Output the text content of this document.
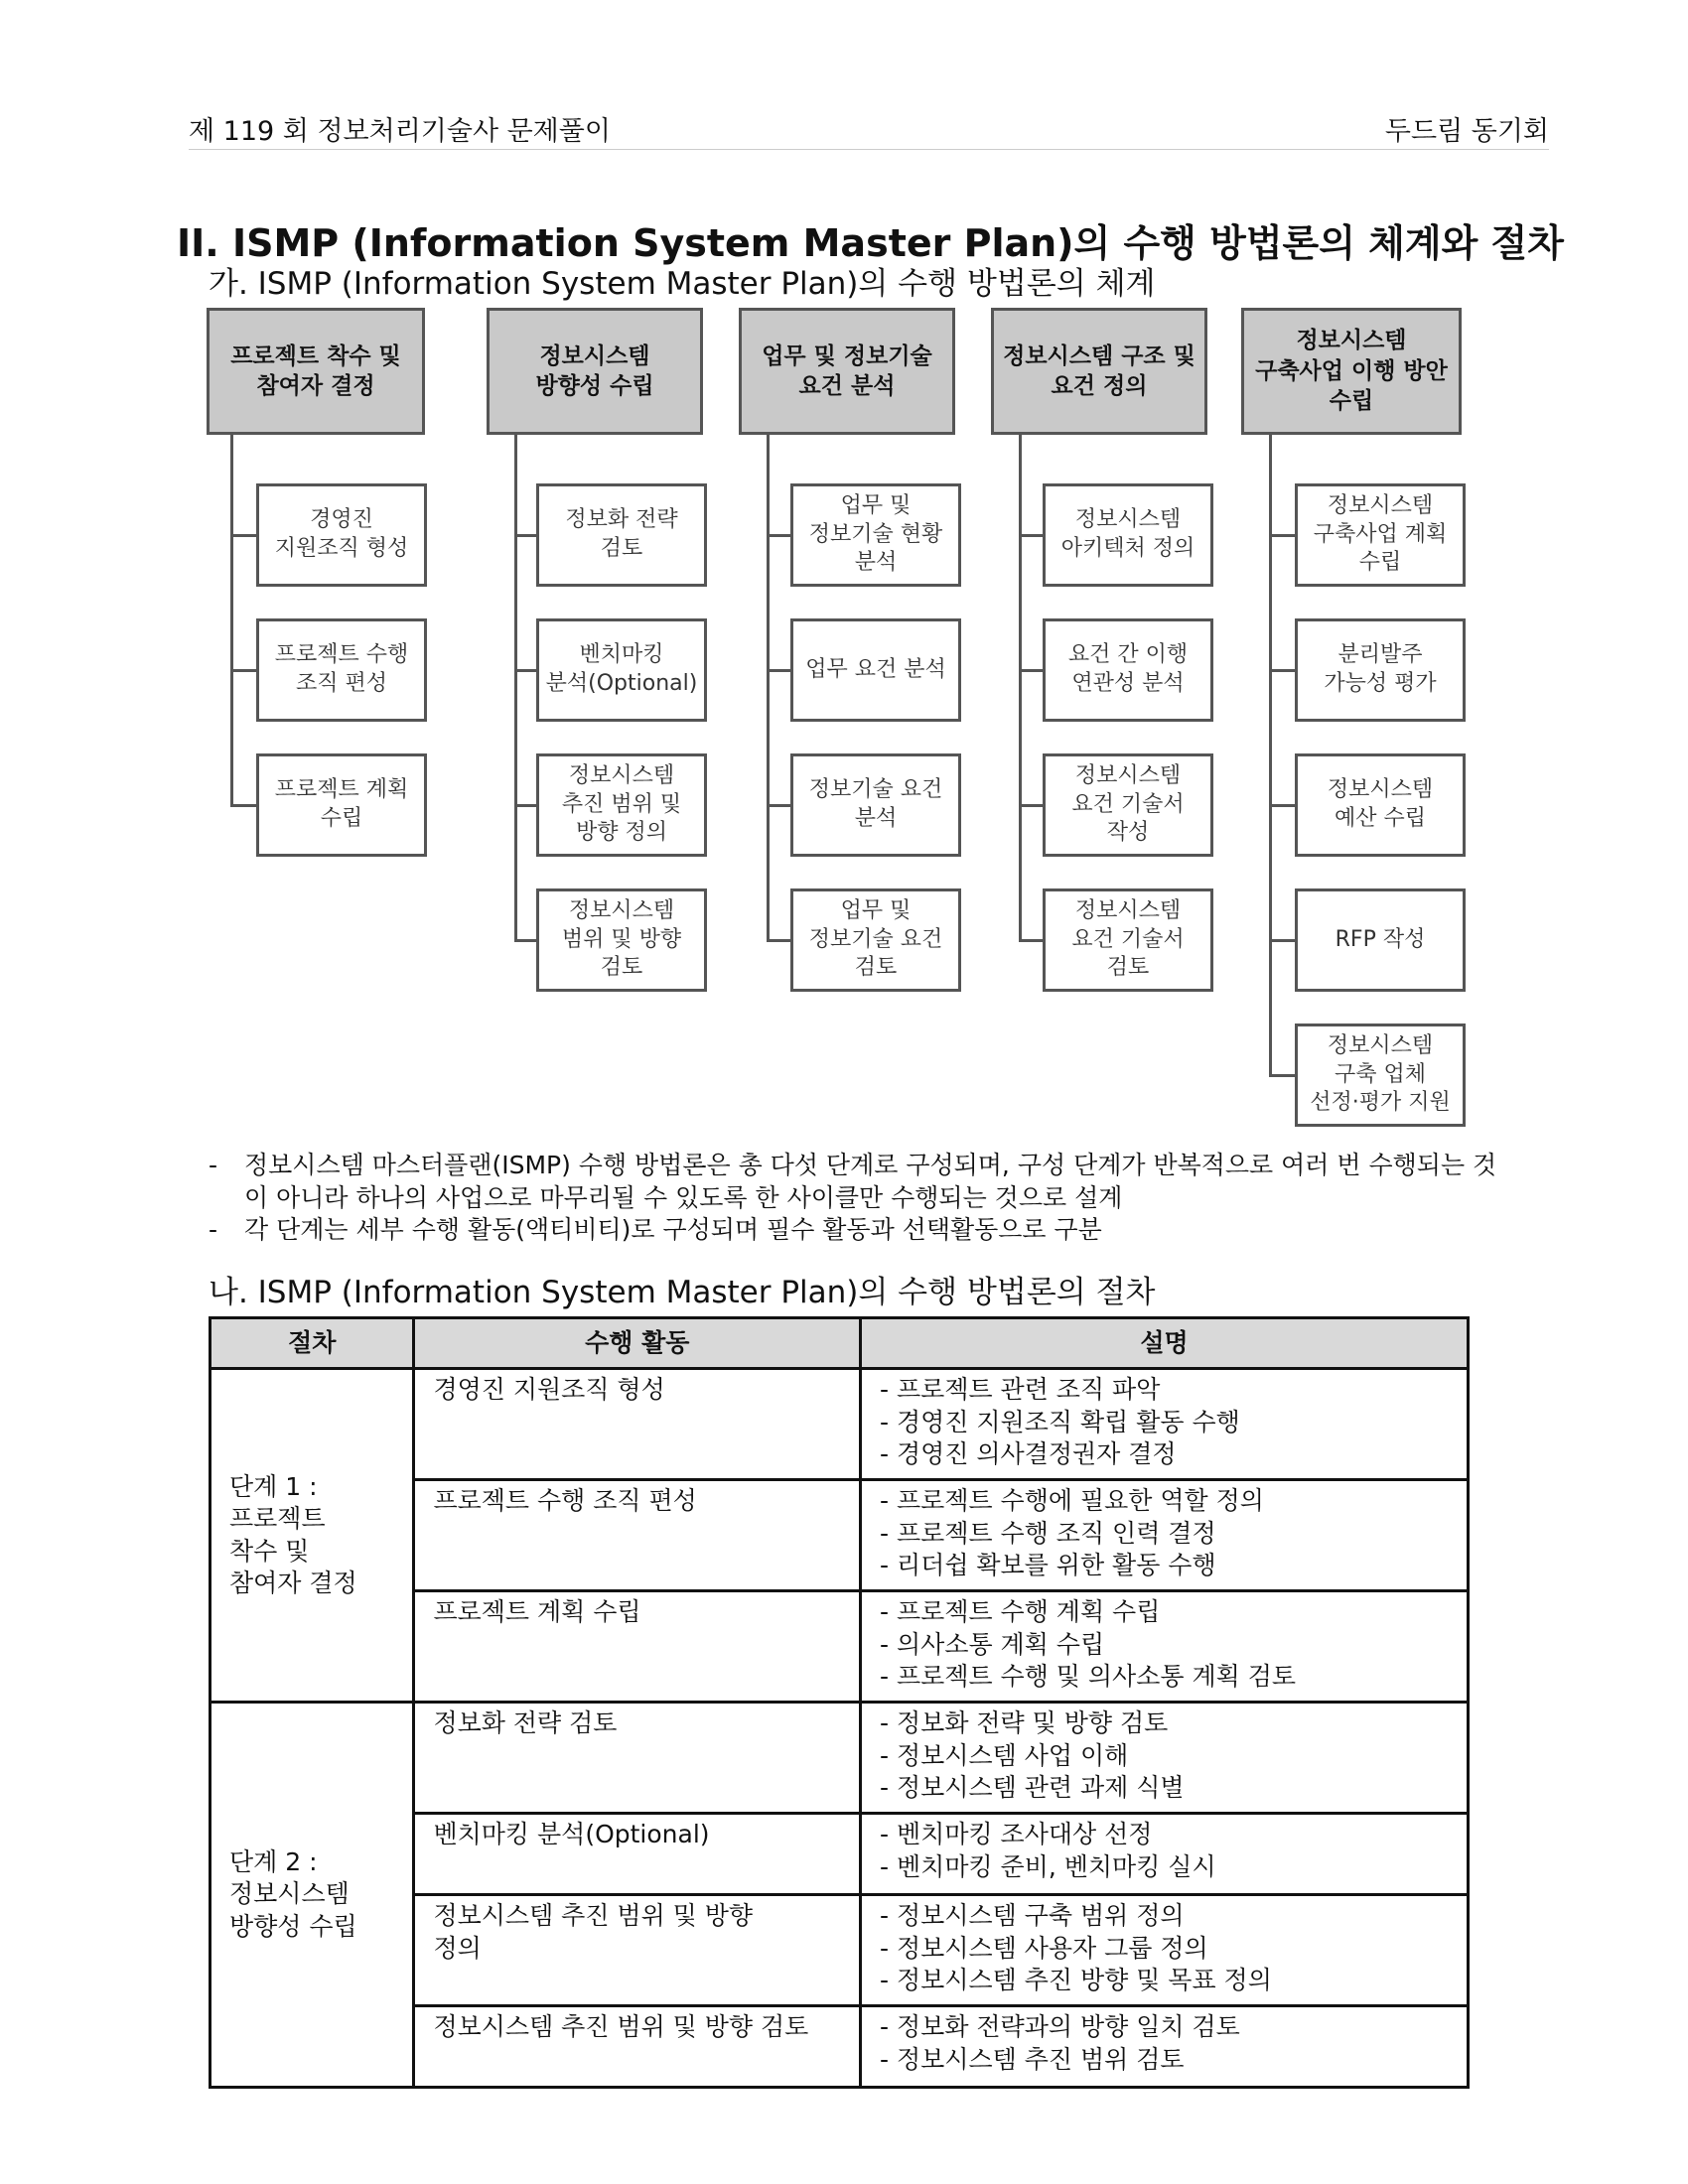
제 119 회 정보처리기술사 문제풀이	두드림 동기회
II. ISMP (Information System Master Plan)의 수행 방법론의 체계와 절차
가. ISMP (Information System Master Plan)의 수행 방법론의 체계
프로젝트 착수 및
참여자 결정
경영진
지원조직 형성
프로젝트 수행
조직 편성
프로젝트 계획
수립
정보시스템
방향성 수립
정보화 전략
검토
벤치마킹
분석(Optional)
정보시스템
추진 범위 및
방향 정의
정보시스템
범위 및 방향
검토
업무 및 정보기술
요건 분석
업무 및
정보기술 현황
분석
업무 요건 분석
정보기술 요건
분석
업무 및
정보기술 요건
검토
정보시스템 구조 및
요건 정의
정보시스템
아키텍처 정의
요건 간 이행
연관성 분석
정보시스템
요건 기술서
작성
정보시스템
요건 기술서
검토
정보시스템
구축사업 이행 방안
수립
정보시스템
구축사업 계획
수립
분리발주
가능성 평가
정보시스템
예산 수립
RFP 작성
정보시스템
구축 업체
선정·평가 지원

- 정보시스템 마스터플랜(ISMP) 수행 방법론은 총 다섯 단계로 구성되며, 구성 단계가 반복적으로 여러 번 수행되는 것이 아니라 하나의 사업으로 마무리될 수 있도록 한 사이클만 수행되는 것으로 설계

- 각 단계는 세부 수행 활동(액티비티)로 구성되며 필수 활동과 선택활동으로 구분

나. ISMP (Information System Master Plan)의 수행 방법론의 절차
절차	수행 활동	설명

단계 1 :
프로젝트
착수 및
참여자 결정	경영진 지원조직 형성	- 프로젝트 관련 조직 파악
- 경영진 지원조직 확립 활동 수행
- 경영진 의사결정권자 결정

	프로젝트 수행 조직 편성	- 프로젝트 수행에 필요한 역할 정의
- 프로젝트 수행 조직 인력 결정
- 리더쉽 확보를 위한 활동 수행

	프로젝트 계획 수립	- 프로젝트 수행 계획 수립
- 의사소통 계획 수립
- 프로젝트 수행 및 의사소통 계획 검토

단계 2 :
정보시스템
방향성 수립	정보화 전략 검토	- 정보화 전략 및 방향 검토
- 정보시스템 사업 이해
- 정보시스템 관련 과제 식별

	벤치마킹 분석(Optional)	- 벤치마킹 조사대상 선정
- 벤치마킹 준비, 벤치마킹 실시

	정보시스템 추진 범위 및 방향
정의	- 정보시스템 구축 범위 정의
- 정보시스템 사용자 그룹 정의
- 정보시스템 추진 방향 및 목표 정의

	정보시스템 추진 범위 및 방향 검토	- 정보화 전략과의 방향 일치 검토
- 정보시스템 추진 범위 검토
